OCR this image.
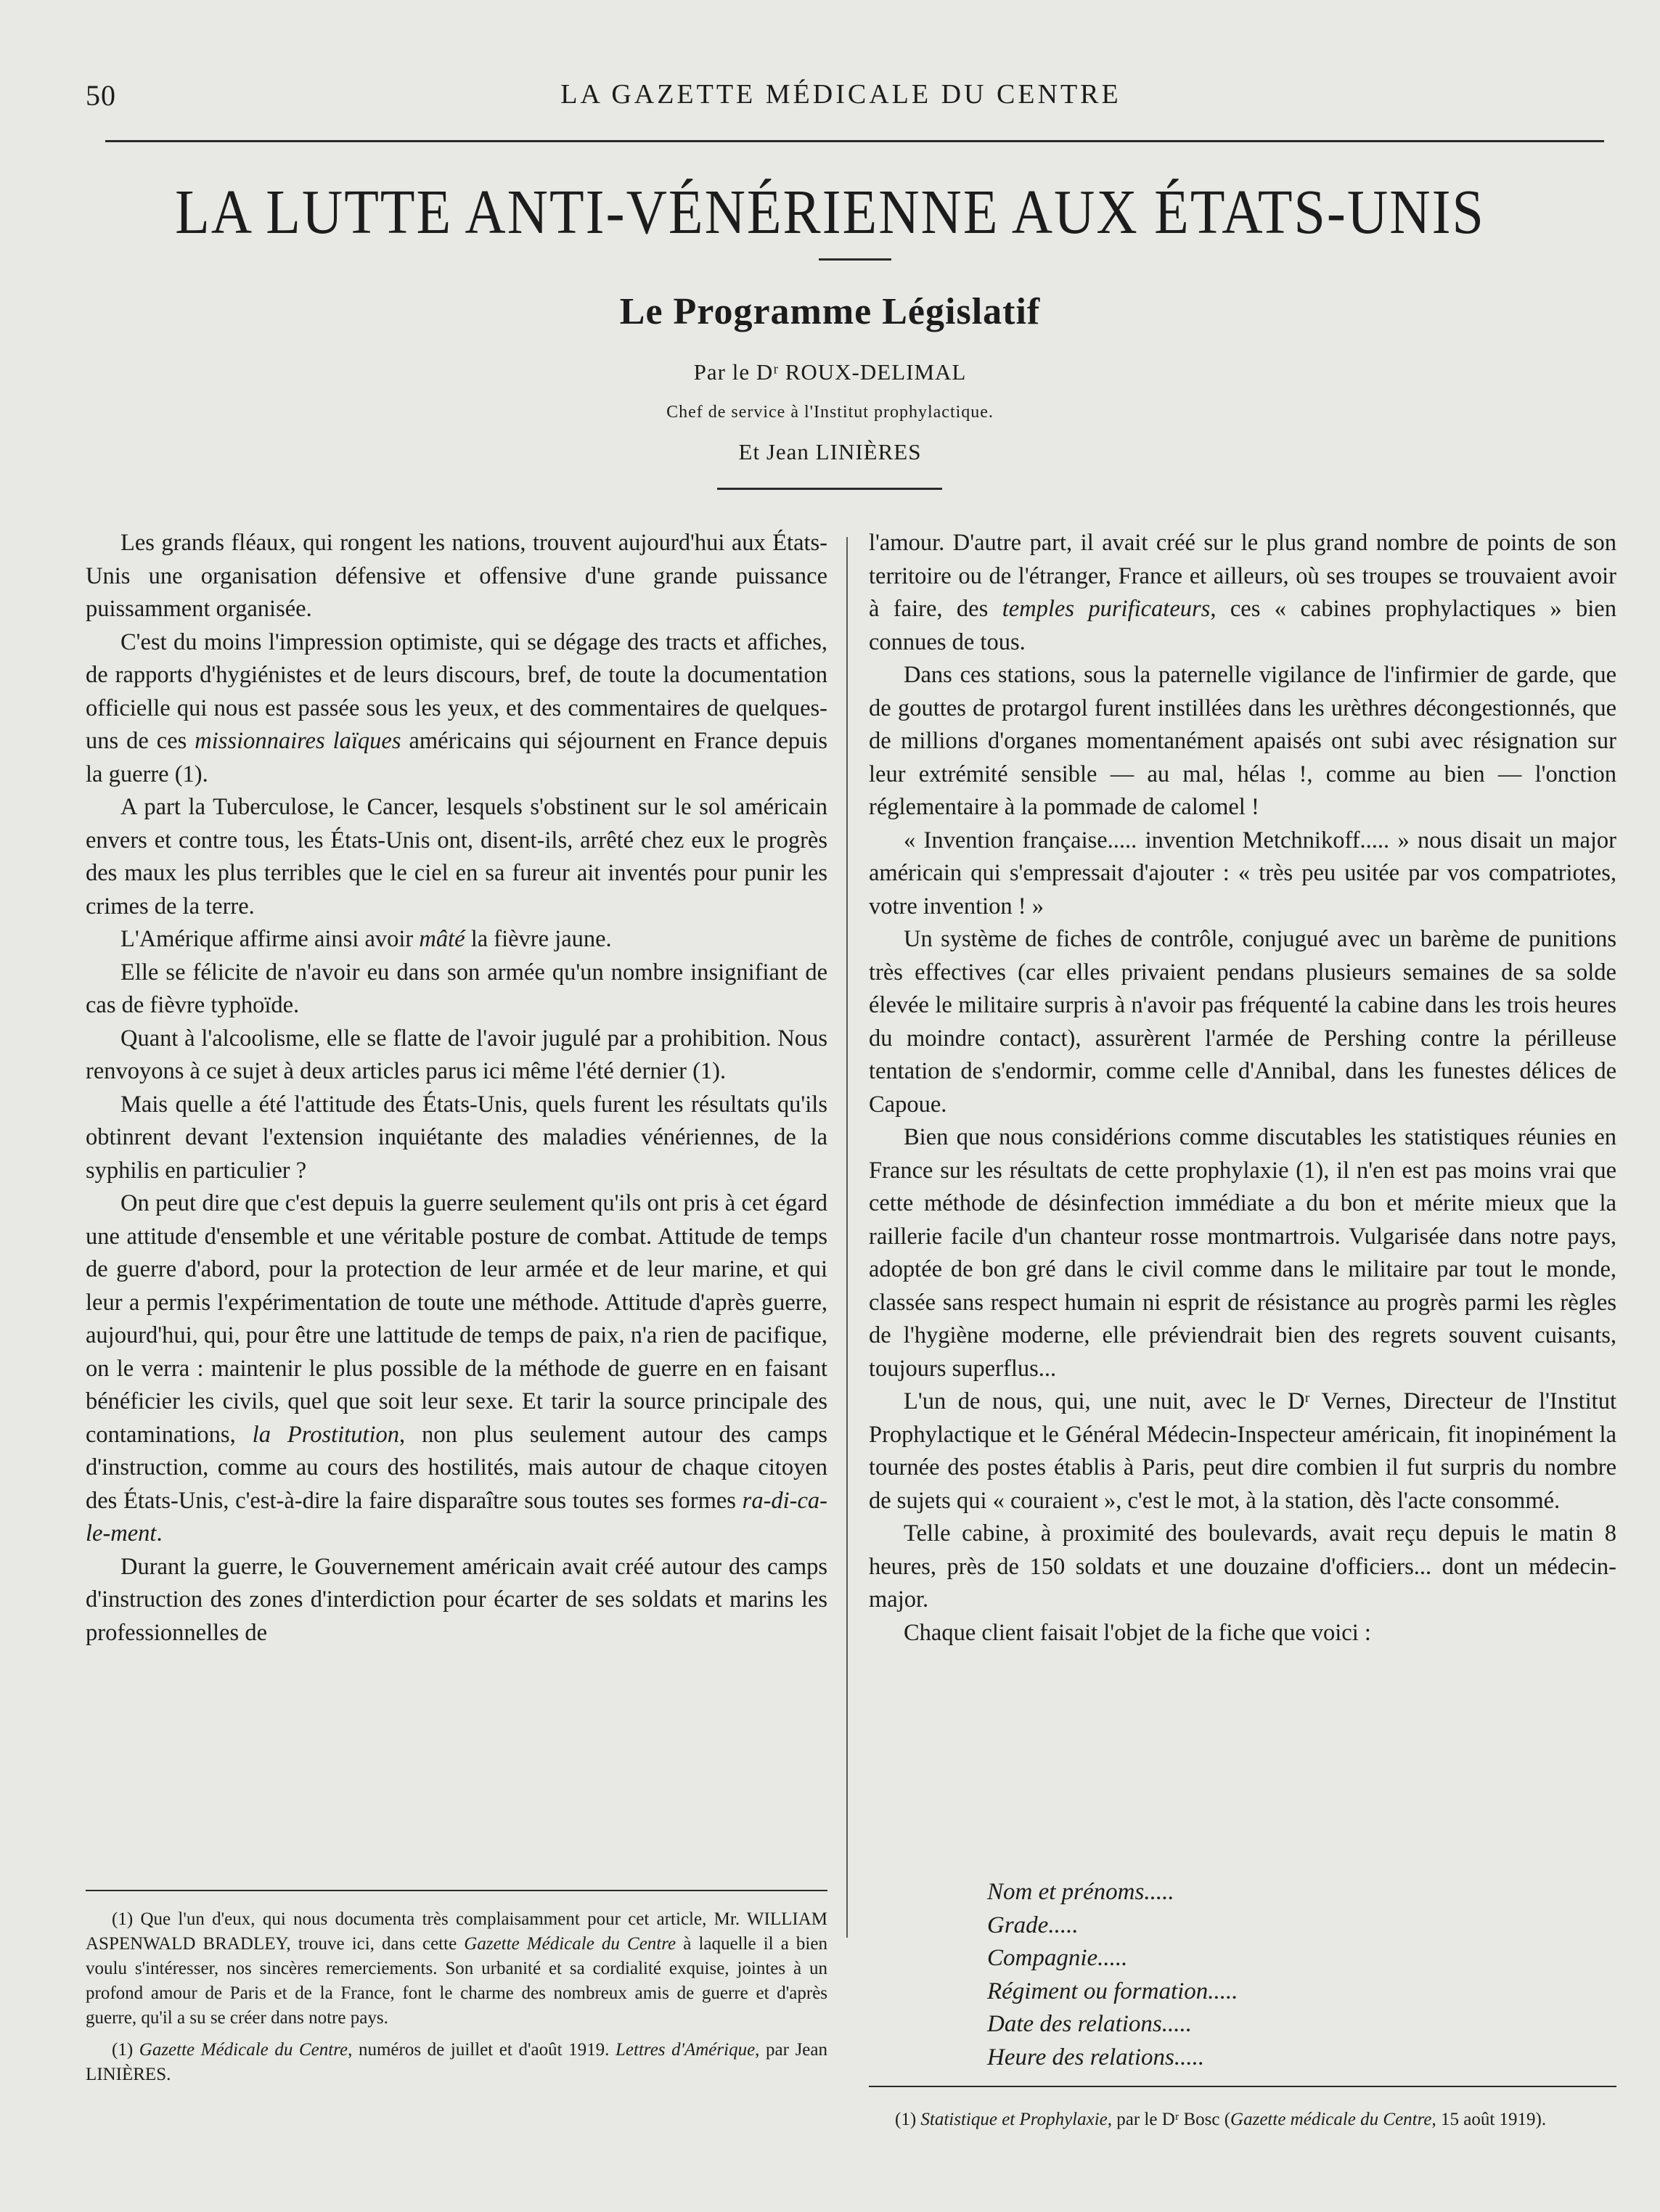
50	LA GAZETTE MÉDICALE DU CENTRE
LA LUTTE ANTI-VÉNÉRIENNE AUX ÉTATS-UNIS
Le Programme Législatif
Par le Dʳ ROUX-DELIMAL
Chef de service à l'Institut prophylactique.
Et Jean LINIÈRES

Les grands fléaux, qui rongent les nations, trouvent aujourd'hui aux États-Unis une organisation défensive et offensive d'une grande puissance puissamment organisée.

C'est du moins l'impression optimiste, qui se dégage des tracts et affiches, de rapports d'hygiénistes et de leurs discours, bref, de toute la documentation officielle qui nous est passée sous les yeux, et des commentaires de quelques-uns de ces missionnaires laïques américains qui séjournent en France depuis la guerre (1).

A part la Tuberculose, le Cancer, lesquels s'obstinent sur le sol américain envers et contre tous, les États-Unis ont, disent-ils, arrêté chez eux le progrès des maux les plus terribles que le ciel en sa fureur ait inventés pour punir les crimes de la terre.

L'Amérique affirme ainsi avoir mâté la fièvre jaune.

Elle se félicite de n'avoir eu dans son armée qu'un nombre insignifiant de cas de fièvre typhoïde.

Quant à l'alcoolisme, elle se flatte de l'avoir jugulé par a prohibition. Nous renvoyons à ce sujet à deux articles parus ici même l'été dernier (1).

Mais quelle a été l'attitude des États-Unis, quels furent les résultats qu'ils obtinrent devant l'extension inquiétante des maladies vénériennes, de la syphilis en particulier ?

On peut dire que c'est depuis la guerre seulement qu'ils ont pris à cet égard une attitude d'ensemble et une véritable posture de combat. Attitude de temps de guerre d'abord, pour la protection de leur armée et de leur marine, et qui leur a permis l'expérimentation de toute une méthode. Attitude d'après guerre, aujourd'hui, qui, pour être une lattitude de temps de paix, n'a rien de pacifique, on le verra : maintenir le plus possible de la méthode de guerre en en faisant bénéficier les civils, quel que soit leur sexe. Et tarir la source principale des contaminations, la Prostitution, non plus seulement autour des camps d'instruction, comme au cours des hostilités, mais autour de chaque citoyen des États-Unis, c'est-à-dire la faire disparaître sous toutes ses formes ra-di-ca-le-ment.

Durant la guerre, le Gouvernement américain avait créé autour des camps d'instruction des zones d'interdiction pour écarter de ses soldats et marins les professionnelles de

l'amour. D'autre part, il avait créé sur le plus grand nombre de points de son territoire ou de l'étranger, France et ailleurs, où ses troupes se trouvaient avoir à faire, des temples purificateurs, ces « cabines prophylactiques » bien connues de tous.

Dans ces stations, sous la paternelle vigilance de l'infirmier de garde, que de gouttes de protargol furent instillées dans les urèthres décongestionnés, que de millions d'organes momentanément apaisés ont subi avec résignation sur leur extrémité sensible — au mal, hélas !, comme au bien — l'onction réglementaire à la pommade de calomel !

« Invention française..... invention Metchnikoff..... » nous disait un major américain qui s'empressait d'ajouter : « très peu usitée par vos compatriotes, votre invention ! »

Un système de fiches de contrôle, conjugué avec un barème de punitions très effectives (car elles privaient pendans plusieurs semaines de sa solde élevée le militaire surpris à n'avoir pas fréquenté la cabine dans les trois heures du moindre contact), assurèrent l'armée de Pershing contre la périlleuse tentation de s'endormir, comme celle d'Annibal, dans les funestes délices de Capoue.

Bien que nous considérions comme discutables les statistiques réunies en France sur les résultats de cette prophylaxie (1), il n'en est pas moins vrai que cette méthode de désinfection immédiate a du bon et mérite mieux que la raillerie facile d'un chanteur rosse montmartrois. Vulgarisée dans notre pays, adoptée de bon gré dans le civil comme dans le militaire par tout le monde, classée sans respect humain ni esprit de résistance au progrès parmi les règles de l'hygiène moderne, elle préviendrait bien des regrets souvent cuisants, toujours superflus...

L'un de nous, qui, une nuit, avec le Dʳ Vernes, Directeur de l'Institut Prophylactique et le Général Médecin-Inspecteur américain, fit inopinément la tournée des postes établis à Paris, peut dire combien il fut surpris du nombre de sujets qui « couraient », c'est le mot, à la station, dès l'acte consommé.

Telle cabine, à proximité des boulevards, avait reçu depuis le matin 8 heures, près de 150 soldats et une douzaine d'officiers... dont un médecin-major.

Chaque client faisait l'objet de la fiche que voici :

Nom et prénoms.....
Grade.....
Compagnie.....
Régiment ou formation.....
Date des relations.....
Heure des relations.....

(1) Que l'un d'eux, qui nous documenta très complaisamment pour cet article, Mr. WILLIAM ASPENWALD BRADLEY, trouve ici, dans cette Gazette Médicale du Centre à laquelle il a bien voulu s'intéresser, nos sincères remerciements. Son urbanité et sa cordialité exquise, jointes à un profond amour de Paris et de la France, font le charme des nombreux amis de guerre et d'après guerre, qu'il a su se créer dans notre pays.

(1) Gazette Médicale du Centre, numéros de juillet et d'août 1919. Lettres d'Amérique, par Jean LINIÈRES.

(1) Statistique et Prophylaxie, par le Dʳ Bosc (Gazette médicale du Centre, 15 août 1919).
